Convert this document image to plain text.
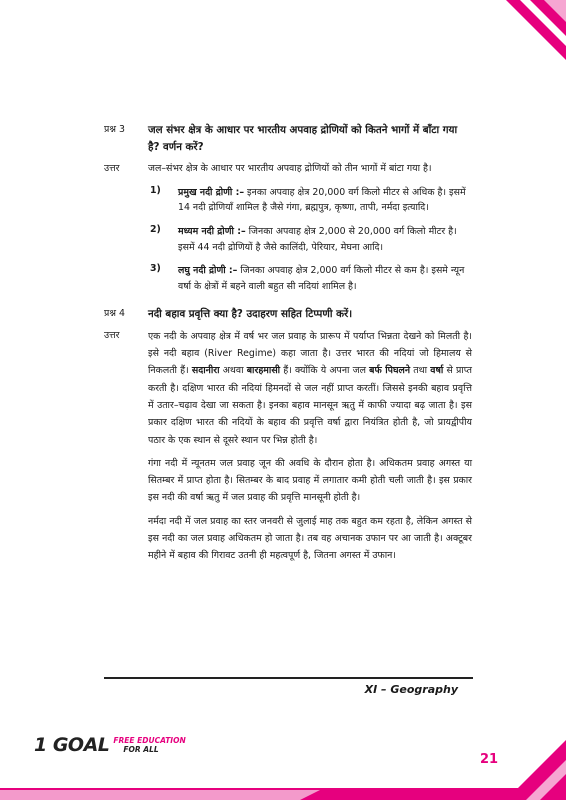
प्रश्न 3	जल संभर क्षेत्र के आधार पर भारतीय अपवाह द्रोणियों को कितने भागों में बाँटा गया है? वर्णन करें?
उत्तर	जल–संभर क्षेत्र के आधार पर भारतीय अपवाह द्रोणियों को तीन भागों में बांटा गया है।

1)	प्रमुख नदी द्रोणी :– इनका अपवाह क्षेत्र 20,000 वर्ग किलो मीटर से अधिक है। इसमें 14 नदी द्रोणियाँ शामिल है जैसे गंगा, ब्रह्मपुत्र, कृष्णा, तापी, नर्मदा इत्यादि।
2)	मध्यम नदी द्रोणी :– जिनका अपवाह क्षेत्र 2,000 से 20,000 वर्ग किलो मीटर है। इसमें 44 नदी द्रोणियों है जैसे कालिंदी, पेरियार, मेघना आदि।
3)	लघु नदी द्रोणी :– जिनका अपवाह क्षेत्र 2,000 वर्ग किलो मीटर से कम है। इसमे न्यून वर्षा के क्षेत्रों में बहने वाली बहुत सी नदियां शामिल है।
प्रश्न 4	नदी बहाव प्रवृत्ति क्या है? उदाहरण सहित टिप्पणी करें।
उत्तर	एक नदी के अपवाह क्षेत्र में वर्ष भर जल प्रवाह के प्रारूप में पर्याप्त भिन्नता देखने को मिलती है। इसे नदी बहाव (River Regime) कहा जाता है। उत्तर भारत की नदियां जो हिमालय से निकलती हैं। सदानीरा अथवा बारहमासी हैं। क्योंकि ये अपना जल बर्फ पिघलने तथा वर्षा से प्राप्त करती है। दक्षिण भारत की नदियां हिमनदों से जल नहीं प्राप्त करतीं। जिससे इनकी बहाव प्रवृत्ति में उतार–चढ़ाव देखा जा सकता है। इनका बहाव मानसून ऋतु में काफी ज्यादा बढ़ जाता है। इस प्रकार दक्षिण भारत की नदियों के बहाव की प्रवृत्ति वर्षा द्वारा नियंत्रित होती है, जो प्रायद्वीपीय पठार के एक स्थान से दूसरे स्थान पर भिन्न होती है।

गंगा नदी में न्यूनतम जल प्रवाह जून की अवधि के दौरान होता है। अधिकतम प्रवाह अगस्त या सितम्बर में प्राप्त होता है। सितम्बर के बाद प्रवाह में लगातार कमी होती चली जाती है। इस प्रकार इस नदी की वर्षा ऋतु में जल प्रवाह की प्रवृत्ति मानसूनी होती है।

नर्मदा नदी में जल प्रवाह का स्तर जनवरी से जुलाई माह तक बहुत कम रहता है, लेकिन अगस्त से इस नदी का जल प्रवाह अधिकतम हो जाता है। तब वह अचानक उफान पर आ जाती है। अक्टूबर महीने में बहाव की गिरावट उतनी ही महत्वपूर्ण है, जितना अगस्त में उफान।

XI – Geography
1 GOAL FREE EDUCATION
FOR ALL
21
